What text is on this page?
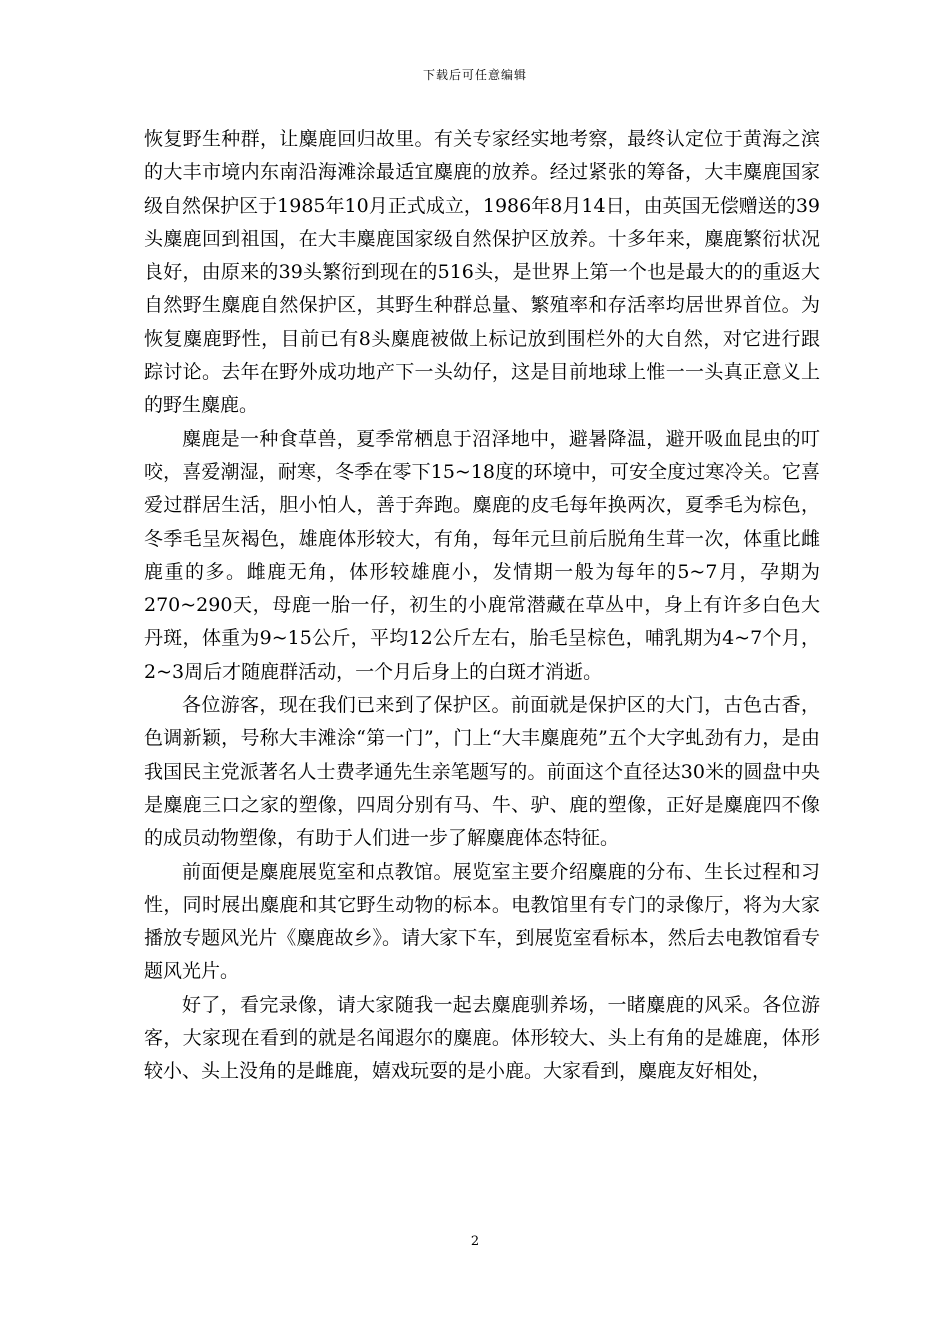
下载后可任意编辑

恢复野生种群，让麋鹿回归故里。有关专家经实地考察，最终认定位于黄海之滨的大丰市境内东南沿海滩涂最适宜麋鹿的放养。经过紧张的筹备，大丰麋鹿国家级自然保护区于1985年10月正式成立，1986年8月14日，由英国无偿赠送的39头麋鹿回到祖国，在大丰麋鹿国家级自然保护区放养。十多年来，麋鹿繁衍状况良好，由原来的39头繁衍到现在的516头，是世界上第一个也是最大的的重返大自然野生麋鹿自然保护区，其野生种群总量、繁殖率和存活率均居世界首位。为恢复麋鹿野性，目前已有8头麋鹿被做上标记放到围栏外的大自然，对它进行跟踪讨论。去年在野外成功地产下一头幼仔，这是目前地球上惟一一头真正意义上的野生麋鹿。

麋鹿是一种食草兽，夏季常栖息于沼泽地中，避暑降温，避开吸血昆虫的叮咬，喜爱潮湿，耐寒，冬季在零下15~18度的环境中，可安全度过寒冷关。它喜爱过群居生活，胆小怕人，善于奔跑。麋鹿的皮毛每年换两次，夏季毛为棕色，冬季毛呈灰褐色，雄鹿体形较大，有角，每年元旦前后脱角生茸一次，体重比雌鹿重的多。雌鹿无角，体形较雄鹿小，发情期一般为每年的5~7月，孕期为270~290天，母鹿一胎一仔，初生的小鹿常潜藏在草丛中，身上有许多白色大丹斑，体重为9~15公斤，平均12公斤左右，胎毛呈棕色，哺乳期为4~7个月，2~3周后才随鹿群活动，一个月后身上的白斑才消逝。

各位游客，现在我们已来到了保护区。前面就是保护区的大门，古色古香，色调新颖，号称大丰滩涂“第一门”，门上“大丰麋鹿苑”五个大字虬劲有力，是由我国民主党派著名人士费孝通先生亲笔题写的。前面这个直径达30米的圆盘中央是麋鹿三口之家的塑像，四周分别有马、牛、驴、鹿的塑像，正好是麋鹿四不像的成员动物塑像，有助于人们进一步了解麋鹿体态特征。

前面便是麋鹿展览室和点教馆。展览室主要介绍麋鹿的分布、生长过程和习性，同时展出麋鹿和其它野生动物的标本。电教馆里有专门的录像厅，将为大家播放专题风光片《麋鹿故乡》。请大家下车，到展览室看标本，然后去电教馆看专题风光片。

好了，看完录像，请大家随我一起去麋鹿驯养场，一睹麋鹿的风采。各位游客，大家现在看到的就是名闻遐尔的麋鹿。体形较大、头上有角的是雄鹿，体形较小、头上没角的是雌鹿，嬉戏玩耍的是小鹿。大家看到，麋鹿友好相处，

2
